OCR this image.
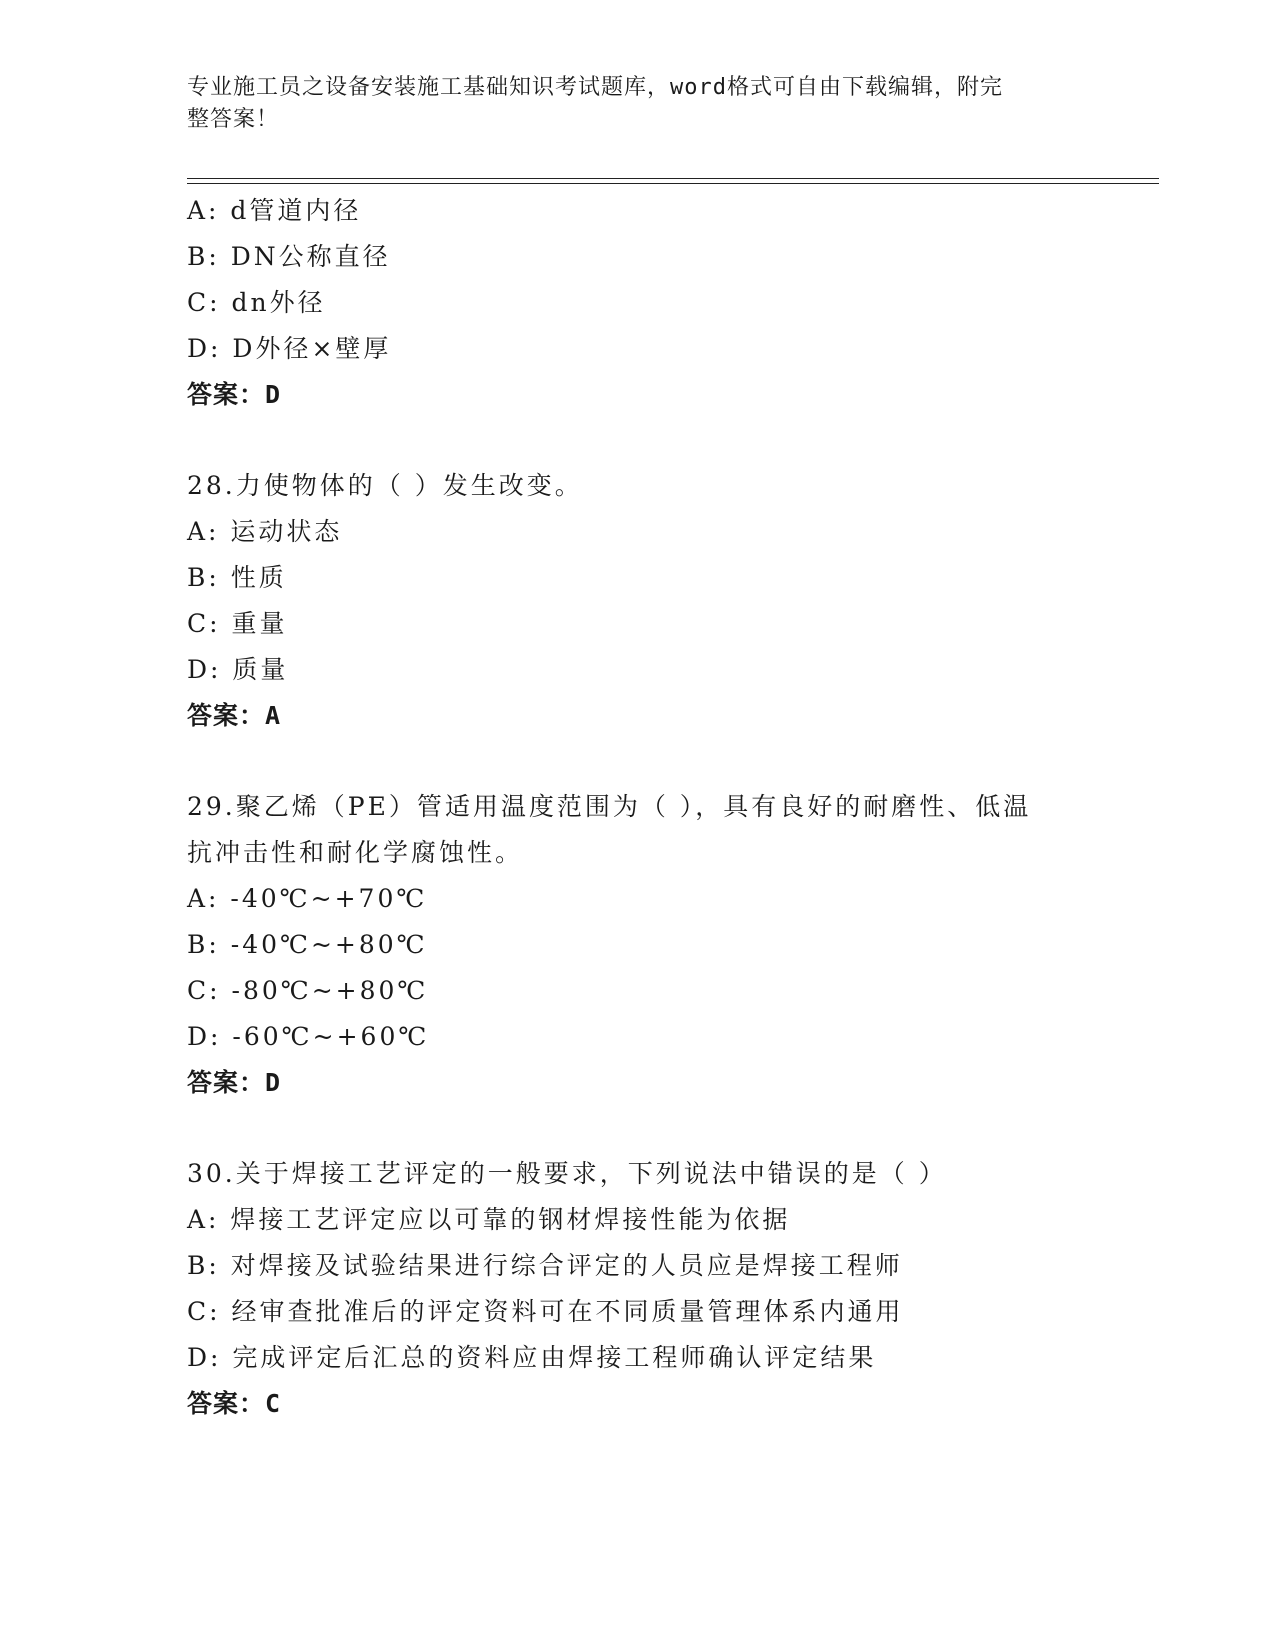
专业施工员之设备安装施工基础知识考试题库，word格式可自由下载编辑，附完
整答案！
A: d管道内径
B: DN公称直径
C: dn外径
D: D外径×壁厚
答案：D
28.力使物体的（ ）发生改变。
A: 运动状态
B: 性质
C: 重量
D: 质量
答案：A
29.聚乙烯（PE）管适用温度范围为（ ），具有良好的耐磨性、低温
抗冲击性和耐化学腐蚀性。
A: -40℃~+70℃
B: -40℃~+80℃
C: -80℃~+80℃
D: -60℃~+60℃
答案：D
30.关于焊接工艺评定的一般要求，下列说法中错误的是（ ）
A: 焊接工艺评定应以可靠的钢材焊接性能为依据
B: 对焊接及试验结果进行综合评定的人员应是焊接工程师
C: 经审查批准后的评定资料可在不同质量管理体系内通用
D: 完成评定后汇总的资料应由焊接工程师确认评定结果
答案：C
